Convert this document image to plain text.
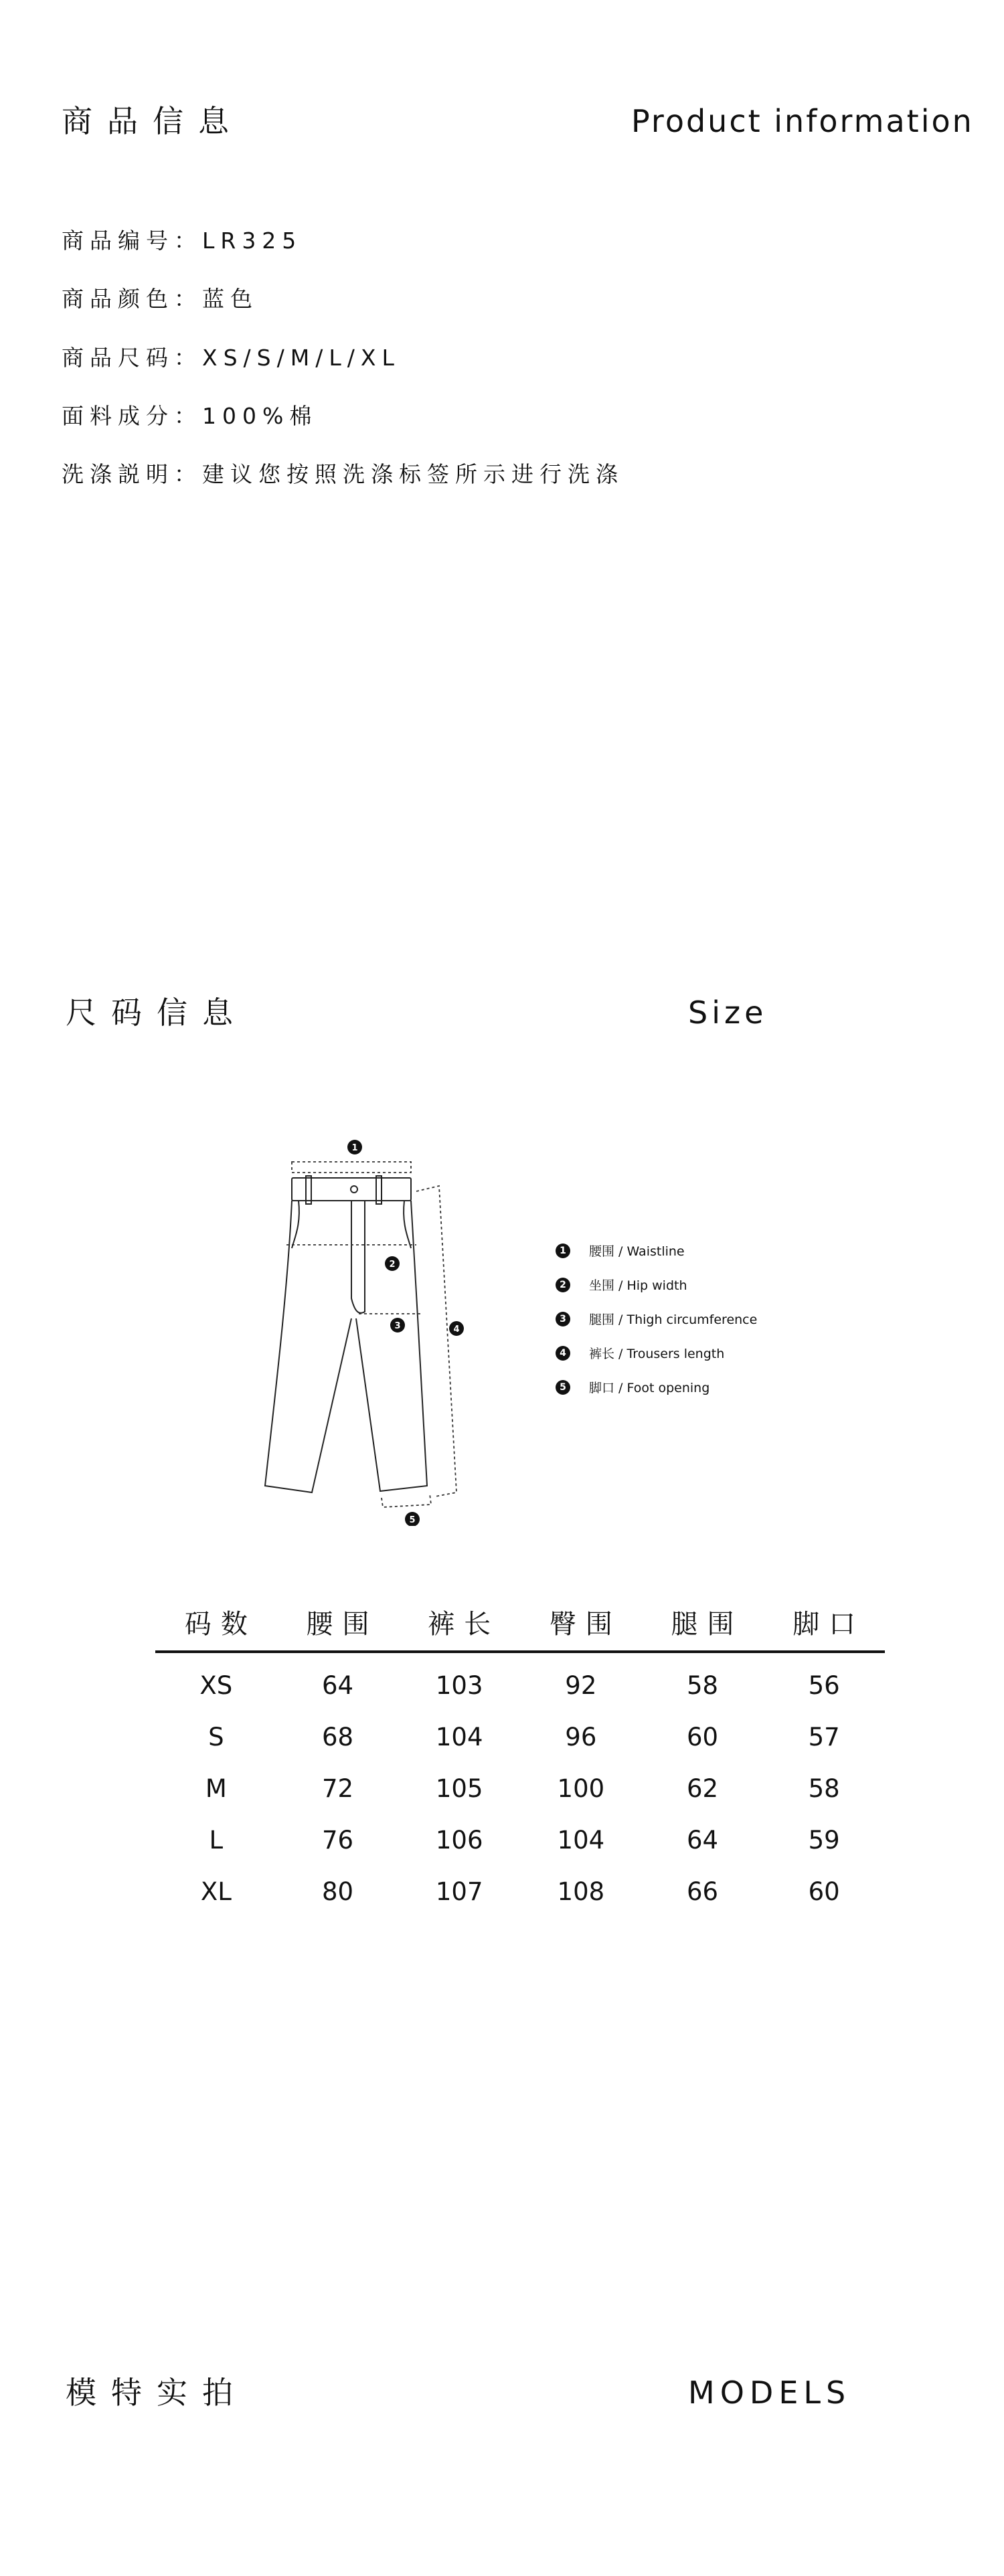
商品信息	Product information
商品编号：LR325
商品颜色：蓝色
商品尺码：XS/S/M/L/XL
面料成分：100%棉
洗涤説明：建议您按照洗涤标签所示进行洗涤
尺码信息	Size
1
2
3	4
5
1	腰围 / Waistline
2	坐围 / Hip width
3	腿围 / Thigh circumference
4	裤长 / Trousers length
5	脚口 / Foot opening
码数	腰围	裤长	臀围	腿围	脚口
XS	64	103	92	58	56
S	68	104	96	60	57
M	72	105	100	62	58
L	76	106	104	64	59
XL	80	107	108	66	60
模特实拍	MODELS
